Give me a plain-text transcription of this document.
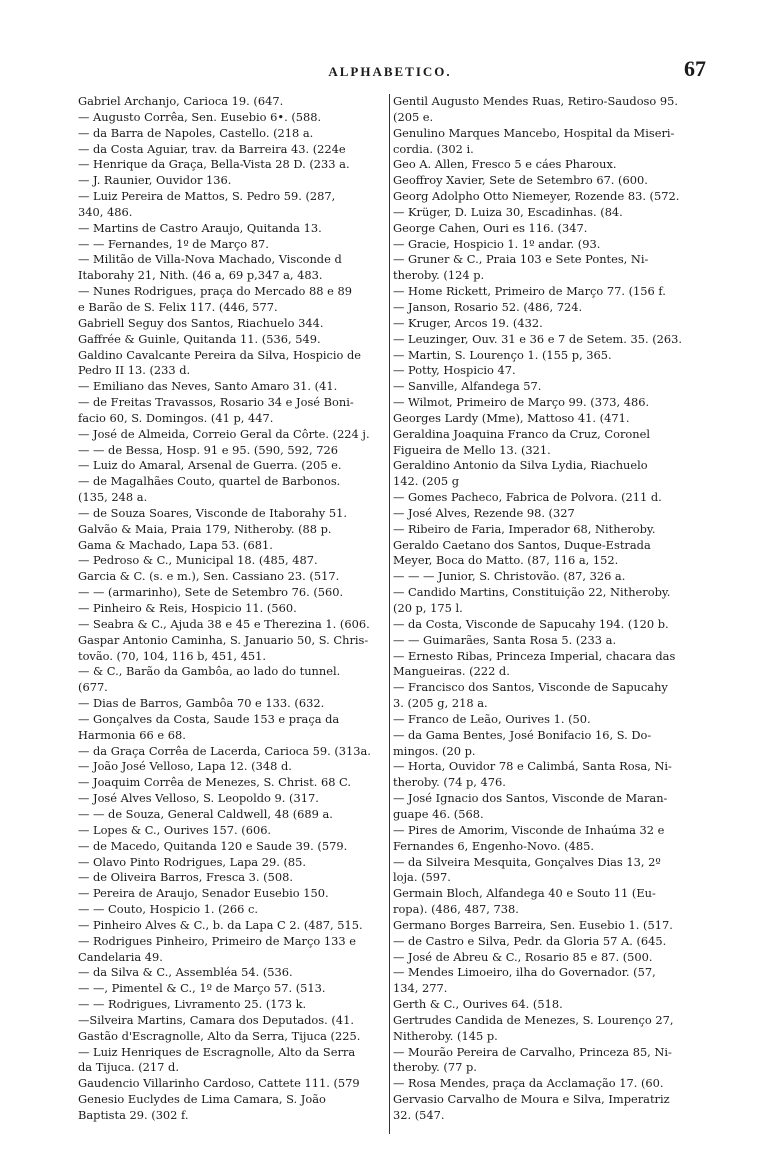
ALPHABETICO.	67
Gabriel Archanjo, Carioca 19. (647.
— Augusto Corrêa, Sen. Eusebio 6•. (588.
— da Barra de Napoles, Castello. (218 a.
— da Costa Aguiar, trav. da Barreira 43. (224e
— Henrique da Graça, Bella-Vista 28 D. (233 a.
— J. Raunier, Ouvidor 136.
— Luiz Pereira de Mattos, S. Pedro 59. (287,
340, 486.
— Martins de Castro Araujo, Quitanda 13.
— — Fernandes, 1º de Março 87.
— Militão de Villa-Nova Machado, Visconde d
Itaborahy 21, Nith. (46 a, 69 p,347 a, 483.
— Nunes Rodrigues, praça do Mercado 88 e 89
e Barão de S. Felix 117. (446, 577.
Gabriell Seguy dos Santos, Riachuelo 344.
Gaffrée & Guinle, Quitanda 11. (536, 549.
Galdino Cavalcante Pereira da Silva, Hospicio de
Pedro II 13. (233 d.
— Emiliano das Neves, Santo Amaro 31. (41.
— de Freitas Travassos, Rosario 34 e José Boni-
facio 60, S. Domingos. (41 p, 447.
— José de Almeida, Correio Geral da Côrte. (224 j.
— — de Bessa, Hosp. 91 e 95. (590, 592, 726
— Luiz do Amaral, Arsenal de Guerra. (205 e.
— de Magalhães Couto, quartel de Barbonos.
(135, 248 a.
— de Souza Soares, Visconde de Itaborahy 51.
Galvão & Maia, Praia 179, Nitheroby. (88 p.
Gama & Machado, Lapa 53. (681.
— Pedroso & C., Municipal 18. (485, 487.
Garcia & C. (s. e m.), Sen. Cassiano 23. (517.
— — (armarinho), Sete de Setembro 76. (560.
— Pinheiro & Reis, Hospicio 11. (560.
— Seabra & C., Ajuda 38 e 45 e Therezina 1. (606.
Gaspar Antonio Caminha, S. Januario 50, S. Chris-
tovão. (70, 104, 116 b, 451, 451.
— & C., Barão da Gambôa, ao lado do tunnel.
(677.
— Dias de Barros, Gambôa 70 e 133. (632.
— Gonçalves da Costa, Saude 153 e praça da
Harmonia 66 e 68.
— da Graça Corrêa de Lacerda, Carioca 59. (313a.
— João José Velloso, Lapa 12. (348 d.
— Joaquim Corrêa de Menezes, S. Christ. 68 C.
— José Alves Velloso, S. Leopoldo 9. (317.
— — de Souza, General Caldwell, 48 (689 a.
— Lopes & C., Ourives 157. (606.
— de Macedo, Quitanda 120 e Saude 39. (579.
— Olavo Pinto Rodrigues, Lapa 29. (85.
— de Oliveira Barros, Fresca 3. (508.
— Pereira de Araujo, Senador Eusebio 150.
— — Couto, Hospicio 1. (266 c.
— Pinheiro Alves & C., b. da Lapa C 2. (487, 515.
— Rodrigues Pinheiro, Primeiro de Março 133 e
Candelaria 49.
— da Silva & C., Assembléa 54. (536.
— —, Pimentel & C., 1º de Março 57. (513.
— — Rodrigues, Livramento 25. (173 k.
—Silveira Martins, Camara dos Deputados. (41.
Gastão d'Escragnolle, Alto da Serra, Tijuca (225.
— Luiz Henriques de Escragnolle, Alto da Serra
da Tijuca. (217 d.
Gaudencio Villarinho Cardoso, Cattete 111. (579
Genesio Euclydes de Lima Camara, S. João
Baptista 29. (302 f.
Gentil Augusto Mendes Ruas, Retiro-Saudoso 95.
(205 e.
Genulino Marques Mancebo, Hospital da Miseri-
cordia. (302 i.
Geo A. Allen, Fresco 5 e cáes Pharoux.
Geoffroy Xavier, Sete de Setembro 67. (600.
Georg Adolpho Otto Niemeyer, Rozende 83. (572.
— Krüger, D. Luiza 30, Escadinhas. (84.
George Cahen, Ouri es 116. (347.
— Gracie, Hospicio 1. 1º andar. (93.
— Gruner & C., Praia 103 e Sete Pontes, Ni-
theroby. (124 p.
— Home Rickett, Primeiro de Março 77. (156 f.
— Janson, Rosario 52. (486, 724.
— Kruger, Arcos 19. (432.
— Leuzinger, Ouv. 31 e 36 e 7 de Setem. 35. (263.
— Martin, S. Lourenço 1. (155 p, 365.
— Potty, Hospicio 47.
— Sanville, Alfandega 57.
— Wilmot, Primeiro de Março 99. (373, 486.
Georges Lardy (Mme), Mattoso 41. (471.
Geraldina Joaquina Franco da Cruz, Coronel
Figueira de Mello 13. (321.
Geraldino Antonio da Silva Lydia, Riachuelo
142. (205 g
— Gomes Pacheco, Fabrica de Polvora. (211 d.
— José Alves, Rezende 98. (327
— Ribeiro de Faria, Imperador 68, Nitheroby.
Geraldo Caetano dos Santos, Duque-Estrada
Meyer, Boca do Matto. (87, 116 a, 152.
— — — Junior, S. Christovão. (87, 326 a.
— Candido Martins, Constituição 22, Nitheroby.
(20 p, 175 l.
— da Costa, Visconde de Sapucahy 194. (120 b.
— — Guimarães, Santa Rosa 5. (233 a.
— Ernesto Ribas, Princeza Imperial, chacara das
Mangueiras. (222 d.
— Francisco dos Santos, Visconde de Sapucahy
3. (205 g, 218 a.
— Franco de Leão, Ourives 1. (50.
— da Gama Bentes, José Bonifacio 16, S. Do-
mingos. (20 p.
— Horta, Ouvidor 78 e Calimbá, Santa Rosa, Ni-
theroby. (74 p, 476.
— José Ignacio dos Santos, Visconde de Maran-
guape 46. (568.
— Pires de Amorim, Visconde de Inhaúma 32 e
Fernandes 6, Engenho-Novo. (485.
— da Silveira Mesquita, Gonçalves Dias 13, 2º
loja. (597.
Germain Bloch, Alfandega 40 e Souto 11 (Eu-
ropa). (486, 487, 738.
Germano Borges Barreira, Sen. Eusebio 1. (517.
— de Castro e Silva, Pedr. da Gloria 57 A. (645.
— José de Abreu & C., Rosario 85 e 87. (500.
— Mendes Limoeiro, ilha do Governador. (57,
134, 277.
Gerth & C., Ourives 64. (518.
Gertrudes Candida de Menezes, S. Lourenço 27,
Nitheroby. (145 p.
— Mourão Pereira de Carvalho, Princeza 85, Ni-
theroby. (77 p.
— Rosa Mendes, praça da Acclamação 17. (60.
Gervasio Carvalho de Moura e Silva, Imperatriz
32. (547.
